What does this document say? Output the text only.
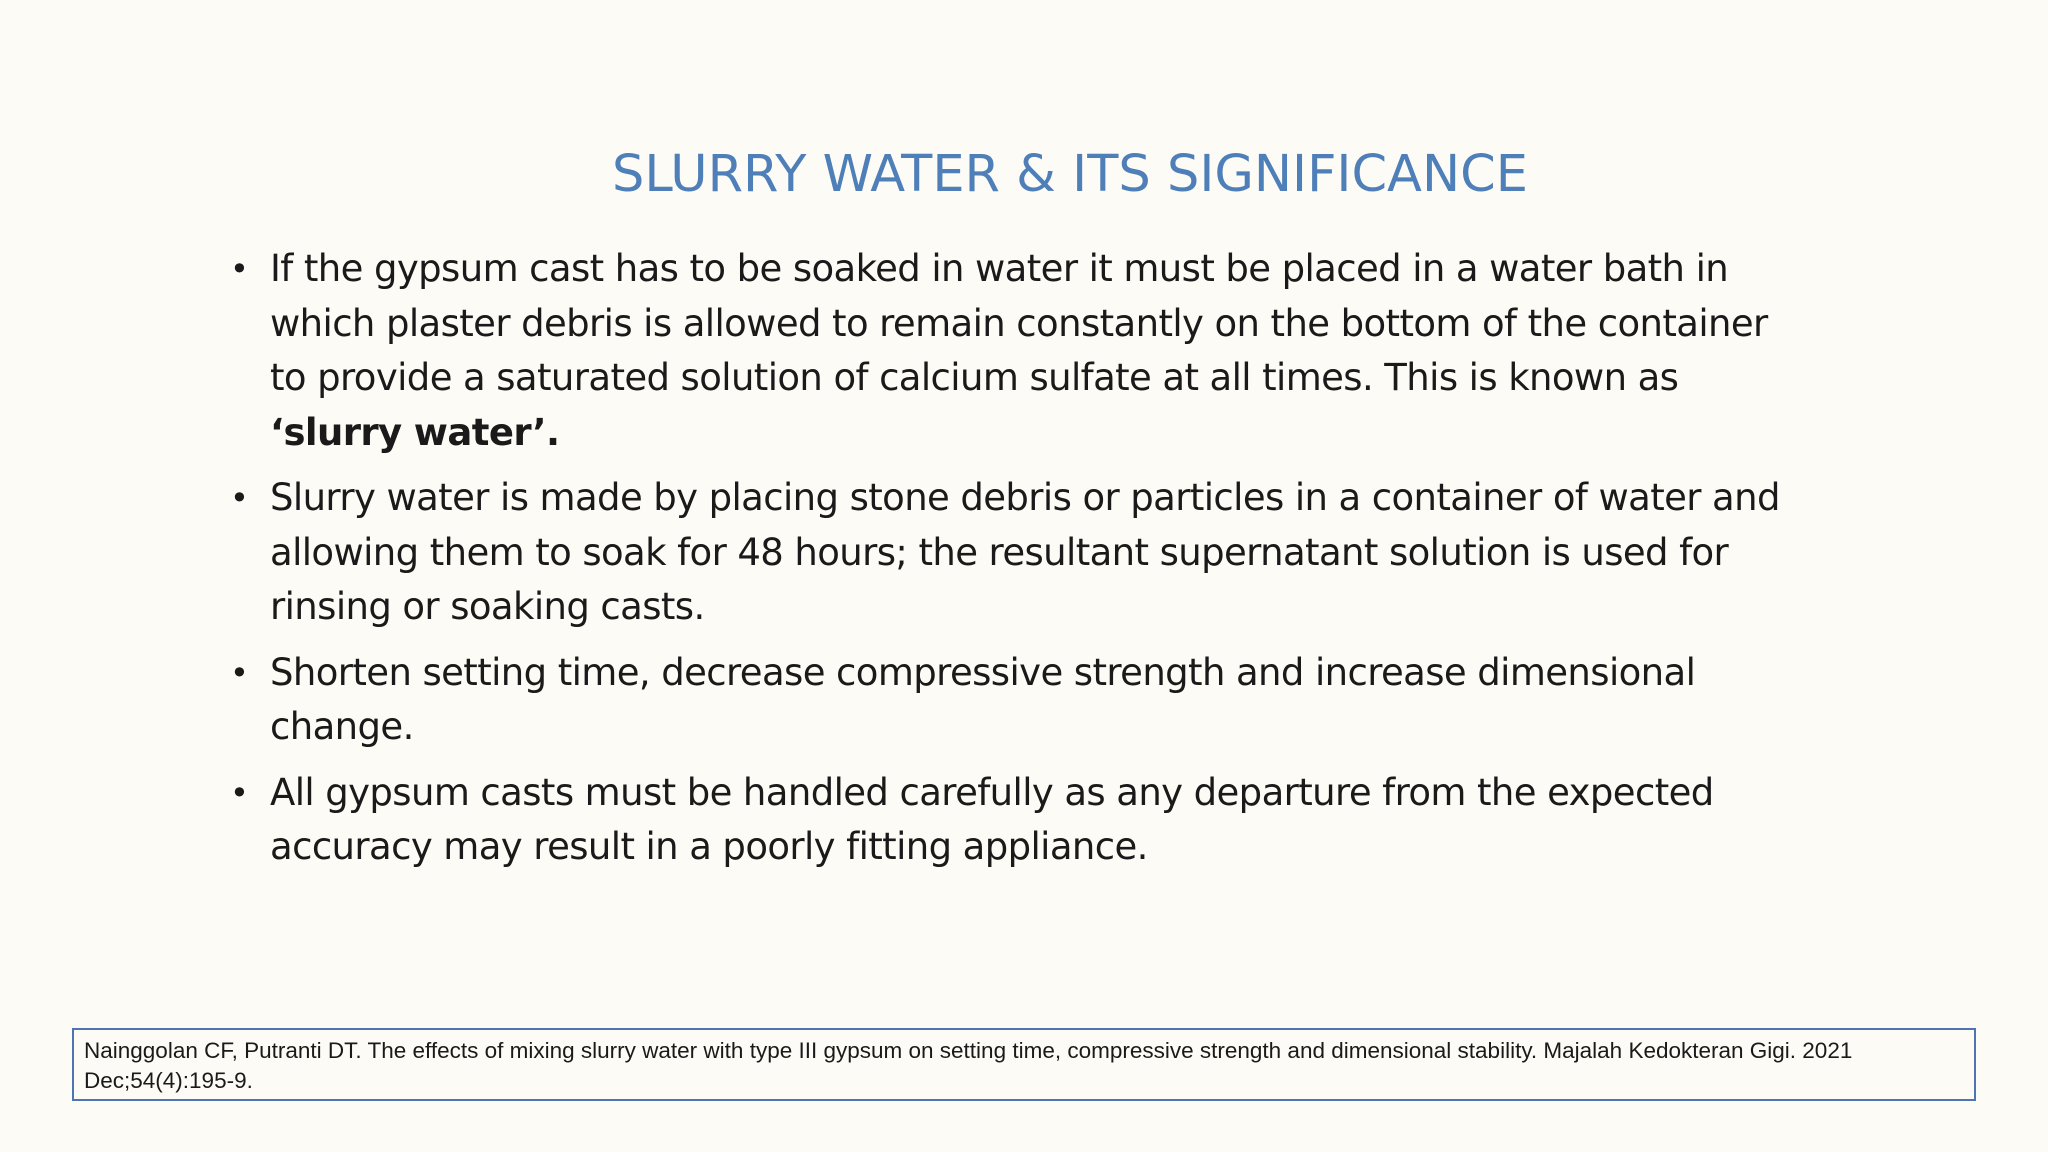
SLURRY WATER & ITS SIGNIFICANCE
• If the gypsum cast has to be soaked in water it must be placed in a water bath in which plaster debris is allowed to remain constantly on the bottom of the container to provide a saturated solution of calcium sulfate at all times. This is known as ‘slurry water’.
• Slurry water is made by placing stone debris or particles in a container of water and allowing them to soak for 48 hours; the resultant supernatant solution is used for rinsing or soaking casts.
• Shorten setting time, decrease compressive strength and increase dimensional change.
• All gypsum casts must be handled carefully as any departure from the expected accuracy may result in a poorly fitting appliance.
Nainggolan CF, Putranti DT. The effects of mixing slurry water with type III gypsum on setting time, compressive strength and dimensional stability. Majalah Kedokteran Gigi. 2021 Dec;54(4):195-9.
